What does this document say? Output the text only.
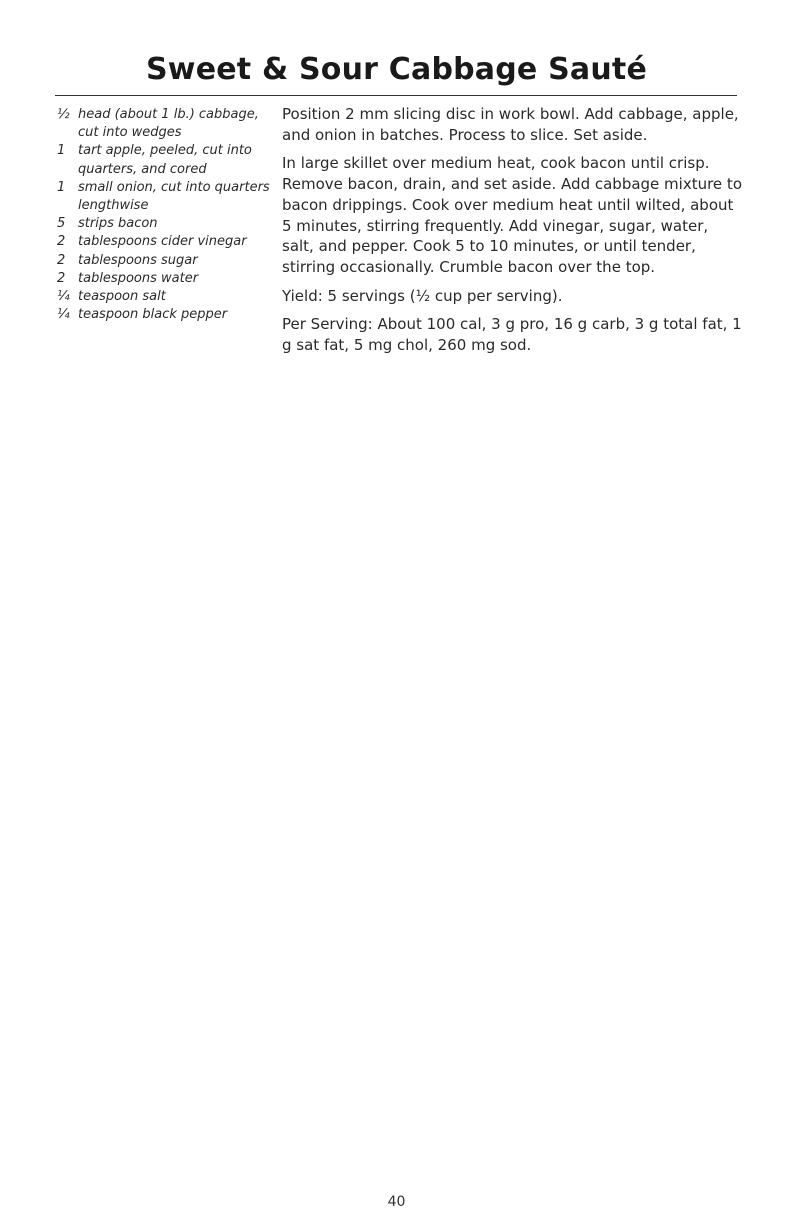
Sweet & Sour Cabbage Sauté
½ head (about 1 lb.) cabbage, cut into wedges
1 tart apple, peeled, cut into quarters, and cored
1 small onion, cut into quarters lengthwise
5 strips bacon
2 tablespoons cider vinegar
2 tablespoons sugar
2 tablespoons water
¼ teaspoon salt
¼ teaspoon black pepper

Position 2 mm slicing disc in work bowl. Add cabbage, apple, and onion in batches. Process to slice. Set aside.

In large skillet over medium heat, cook bacon until crisp. Remove bacon, drain, and set aside. Add cabbage mixture to bacon drippings. Cook over medium heat until wilted, about 5 minutes, stirring frequently. Add vinegar, sugar, water, salt, and pepper. Cook 5 to 10 minutes, or until tender, stirring occasionally. Crumble bacon over the top.

Yield: 5 servings (½ cup per serving).

Per Serving: About 100 cal, 3 g pro, 16 g carb, 3 g total fat, 1 g sat fat, 5 mg chol, 260 mg sod.

40
